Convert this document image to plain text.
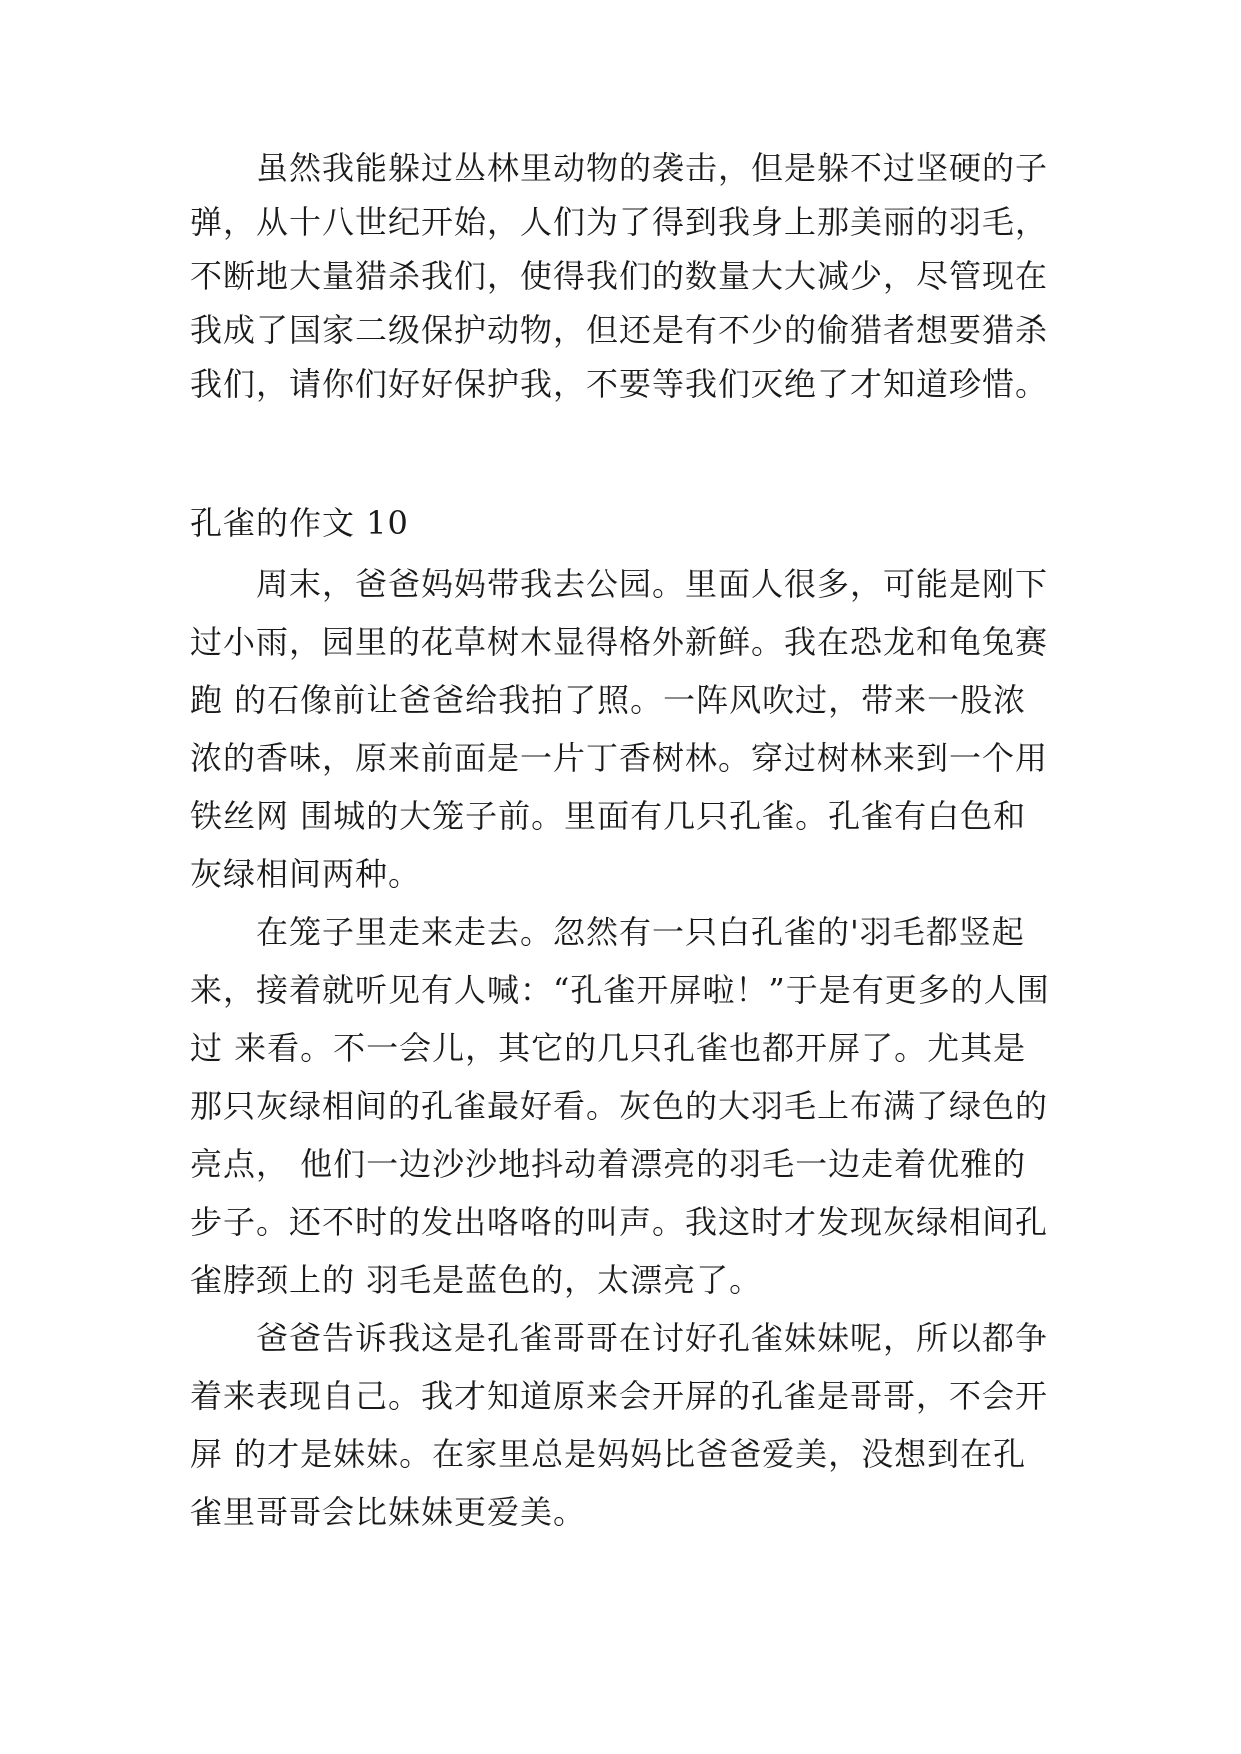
　　虽然我能躲过丛林里动物的袭击，但是躲不过坚硬的子
弹，从十八世纪开始，人们为了得到我身上那美丽的羽毛，
不断地大量猎杀我们，使得我们的数量大大减少，尽管现在
我成了国家二级保护动物，但还是有不少的偷猎者想要猎杀
我们，请你们好好保护我，不要等我们灭绝了才知道珍惜。
孔雀的作文 10
　　周末，爸爸妈妈带我去公园。里面人很多，可能是刚下
过小雨，园里的花草树木显得格外新鲜。我在恐龙和龟兔赛
跑 的石像前让爸爸给我拍了照。一阵风吹过，带来一股浓
浓的香味，原来前面是一片丁香树林。穿过树林来到一个用
铁丝网 围城的大笼子前。里面有几只孔雀。孔雀有白色和
灰绿相间两种。
　　在笼子里走来走去。忽然有一只白孔雀的'羽毛都竖起
来，接着就听见有人喊：“孔雀开屏啦！”于是有更多的人围
过 来看。不一会儿，其它的几只孔雀也都开屏了。尤其是
那只灰绿相间的孔雀最好看。灰色的大羽毛上布满了绿色的
亮点， 他们一边沙沙地抖动着漂亮的羽毛一边走着优雅的
步子。还不时的发出咯咯的叫声。我这时才发现灰绿相间孔
雀脖颈上的 羽毛是蓝色的，太漂亮了。
　　爸爸告诉我这是孔雀哥哥在讨好孔雀妹妹呢，所以都争
着来表现自己。我才知道原来会开屏的孔雀是哥哥，不会开
屏 的才是妹妹。在家里总是妈妈比爸爸爱美，没想到在孔
雀里哥哥会比妹妹更爱美。
